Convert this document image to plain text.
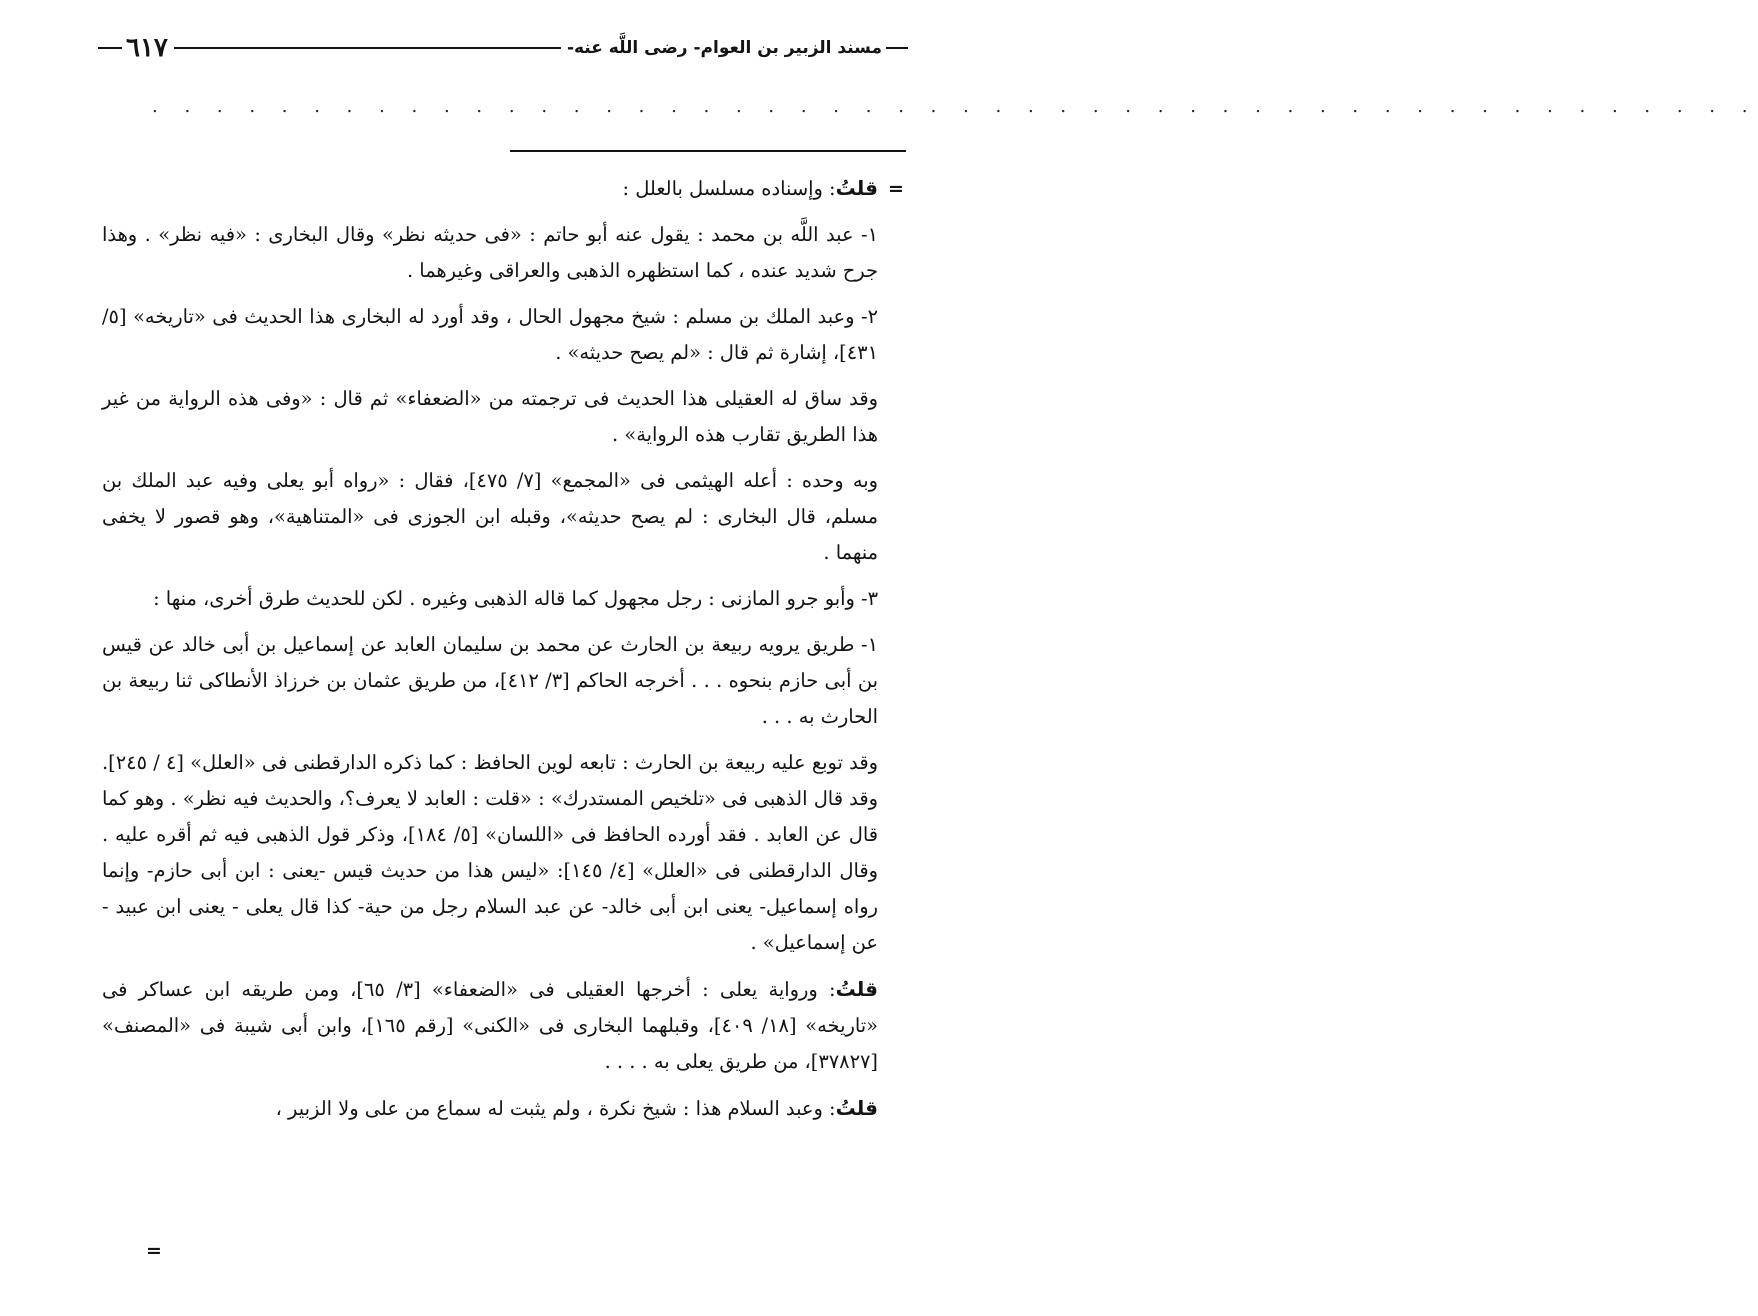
مسند الزبير بن العوام- رضى اللَّه عنه-
٦١٧
. . . . . . . . . . . . . . . . . . . . . . . . . . . . . . . . . . . . . . . . . . . . . . . . . .
=

قلتُ: وإسناده مسلسل بالعلل :

١- عبد اللَّه بن محمد : يقول عنه أبو حاتم : «فى حديثه نظر» وقال البخارى : «فيه نظر» . وهذا جرح شديد عنده ، كما استظهره الذهبى والعراقى وغيرهما .

٢- وعبد الملك بن مسلم : شيخ مجهول الحال ، وقد أورد له البخارى هذا الحديث فى «تاريخه» [٥/ ٤٣١]، إشارة ثم قال : «لم يصح حديثه» .

وقد ساق له العقيلى هذا الحديث فى ترجمته من «الضعفاء» ثم قال : «وفى هذه الرواية من غير هذا الطريق تقارب هذه الرواية» .

وبه وحده : أعله الهيثمى فى «المجمع» [٧/ ٤٧٥]، فقال : «رواه أبو يعلى وفيه عبد الملك بن مسلم، قال البخارى : لم يصح حديثه»، وقبله ابن الجوزى فى «المتناهية»، وهو قصور لا يخفى منهما .

٣- وأبو جرو المازنى : رجل مجهول كما قاله الذهبى وغيره . لكن للحديث طرق أخرى، منها :

١- طريق يرويه ربيعة بن الحارث عن محمد بن سليمان العابد عن إسماعيل بن أبى خالد عن قيس بن أبى حازم بنحوه . . . أخرجه الحاكم [٣/ ٤١٢]، من طريق عثمان بن خرزاذ الأنطاكى ثنا ربيعة بن الحارث به . . .

وقد توبع عليه ربيعة بن الحارث : تابعه لوين الحافظ : كما ذكره الدارقطنى فى «العلل» [٤ / ٢٤٥]. وقد قال الذهبى فى «تلخيص المستدرك» : «قلت : العابد لا يعرف؟، والحديث فيه نظر» . وهو كما قال عن العابد . فقد أورده الحافظ فى «اللسان» [٥/ ١٨٤]، وذكر قول الذهبى فيه ثم أقره عليه . وقال الدارقطنى فى «العلل» [٤/ ١٤٥]: «ليس هذا من حديث قيس -يعنى : ابن أبى حازم- وإنما رواه إسماعيل- يعنى ابن أبى خالد- عن عبد السلام رجل من حية- كذا قال يعلى - يعنى ابن عبيد - عن إسماعيل» .

قلتُ: ورواية يعلى : أخرجها العقيلى فى «الضعفاء» [٣/ ٦٥]، ومن طريقه ابن عساكر فى «تاريخه» [١٨/ ٤٠٩]، وقبلهما البخارى فى «الكنى» [رقم ١٦٥]، وابن أبى شيبة فى «المصنف» [٣٧٨٢٧]، من طريق يعلى به . . . .

قلتُ: وعبد السلام هذا : شيخ نكرة ، ولم يثبت له سماع من على ولا الزبير ،

=
